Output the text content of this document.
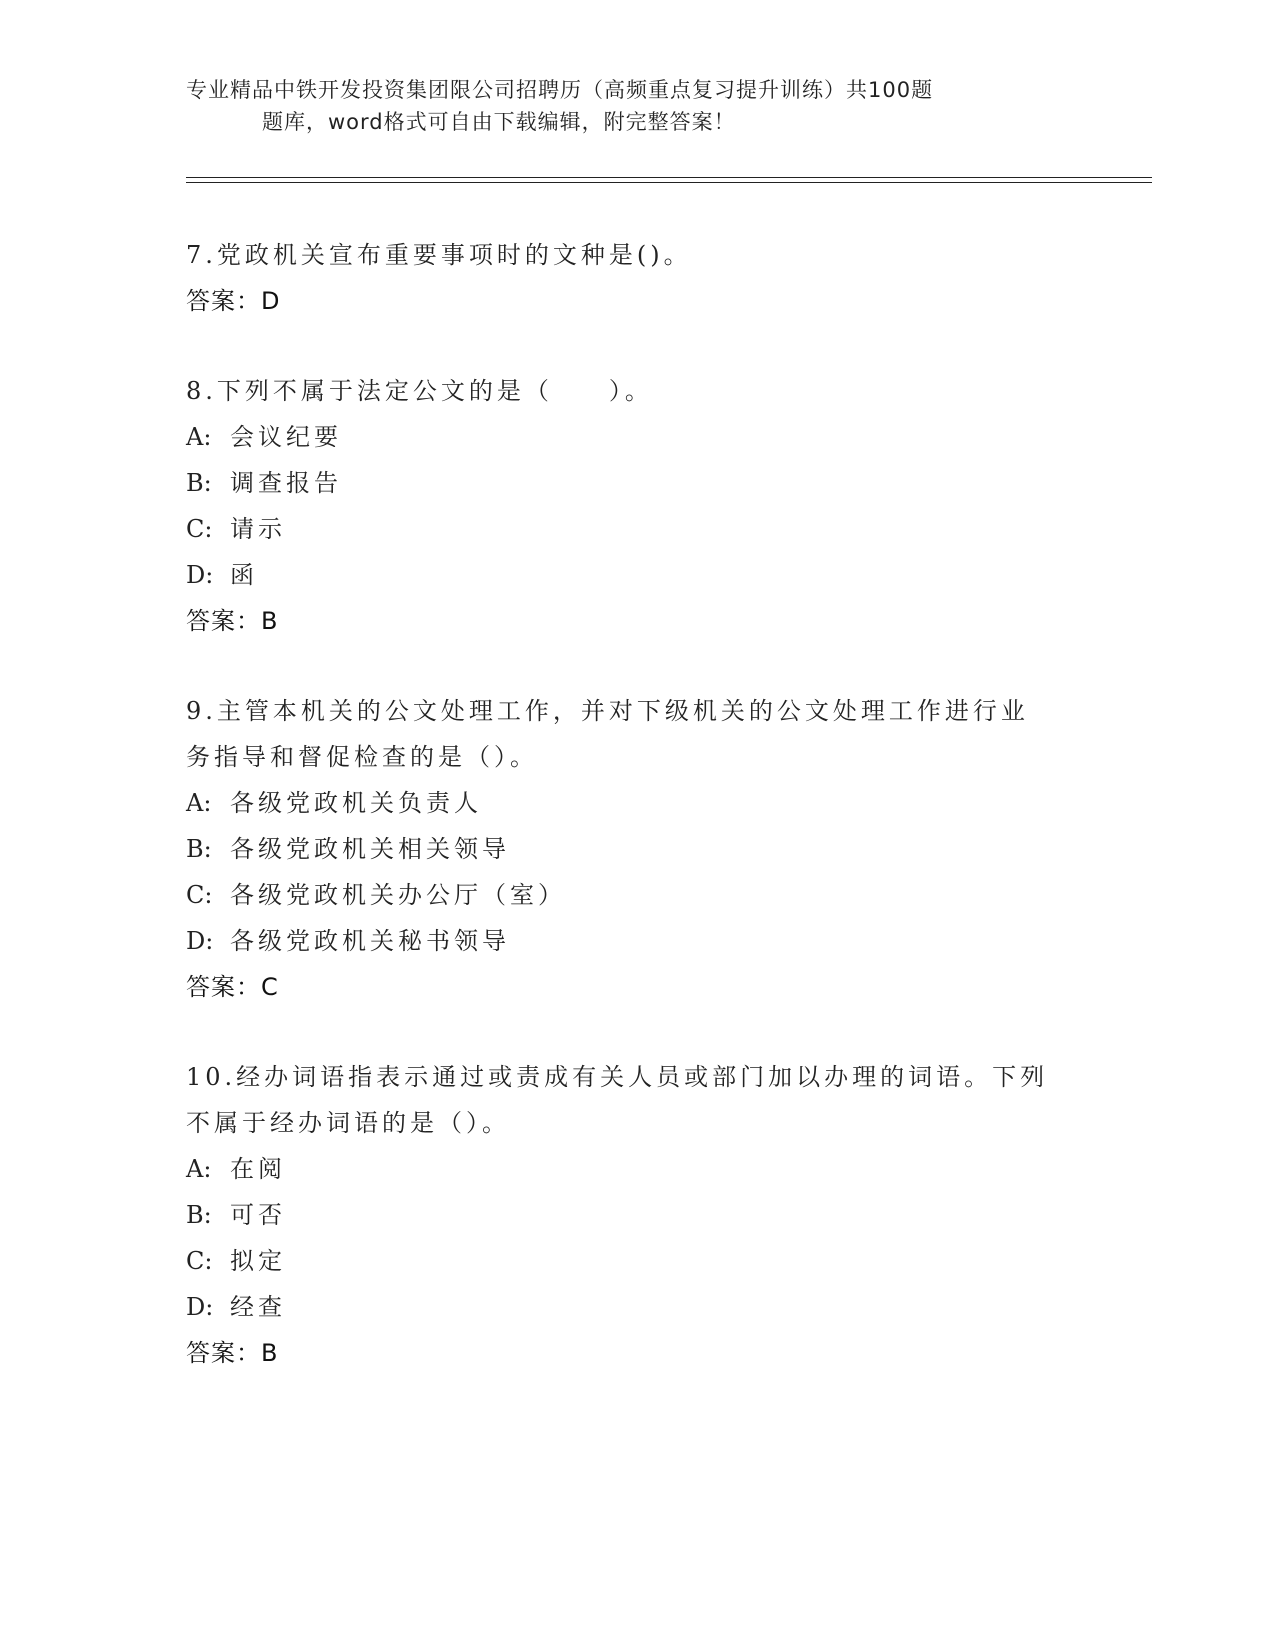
专业精品中铁开发投资集团限公司招聘历（高频重点复习提升训练）共100题
题库，word格式可自由下载编辑，附完整答案！

7.党政机关宣布重要事项时的文种是()。

答案：D

8.下列不属于法定公文的是（　　）。

A: 会议纪要
B: 调查报告
C: 请示
D: 函

答案：B

9.主管本机关的公文处理工作，并对下级机关的公文处理工作进行业

务指导和督促检查的是（）。

A: 各级党政机关负责人
B: 各级党政机关相关领导
C: 各级党政机关办公厅（室）
D: 各级党政机关秘书领导

答案：C

10.经办词语指表示通过或责成有关人员或部门加以办理的词语。下列

不属于经办词语的是（）。

A: 在阅
B: 可否
C: 拟定
D: 经查

答案：B
